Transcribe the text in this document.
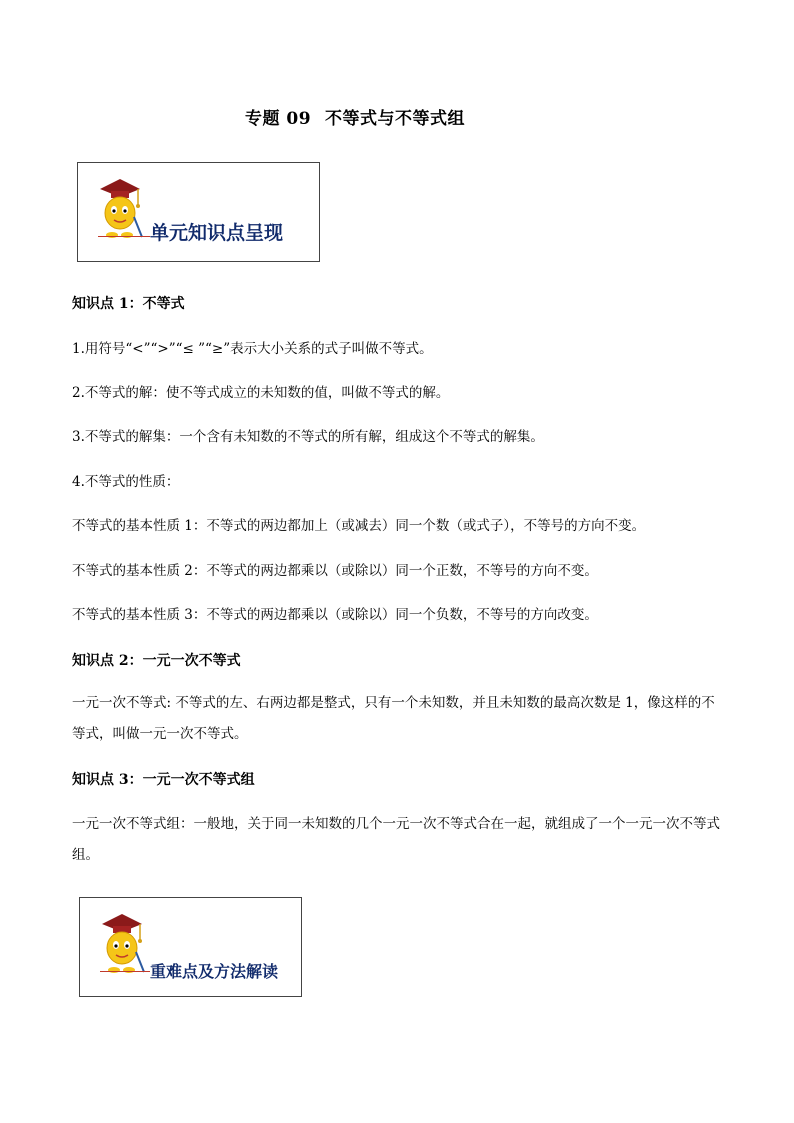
专题 09 不等式与不等式组
单元知识点呈现
知识点 1：不等式
1.用符号“<”“>”“≤ ”“≥”表示大小关系的式子叫做不等式。
2.不等式的解：使不等式成立的未知数的值，叫做不等式的解。
3.不等式的解集：一个含有未知数的不等式的所有解，组成这个不等式的解集。
4.不等式的性质：
不等式的基本性质 1：不等式的两边都加上（或减去）同一个数（或式子），不等号的方向不变。
不等式的基本性质 2：不等式的两边都乘以（或除以）同一个正数，不等号的方向不变。
不等式的基本性质 3：不等式的两边都乘以（或除以）同一个负数，不等号的方向改变。
知识点 2：一元一次不等式
一元一次不等式: 不等式的左、右两边都是整式，只有一个未知数，并且未知数的最高次数是 1，像这样的不等式，叫做一元一次不等式。
知识点 3：一元一次不等式组
一元一次不等式组：一般地，关于同一未知数的几个一元一次不等式合在一起，就组成了一个一元一次不等式组。
重难点及方法解读
